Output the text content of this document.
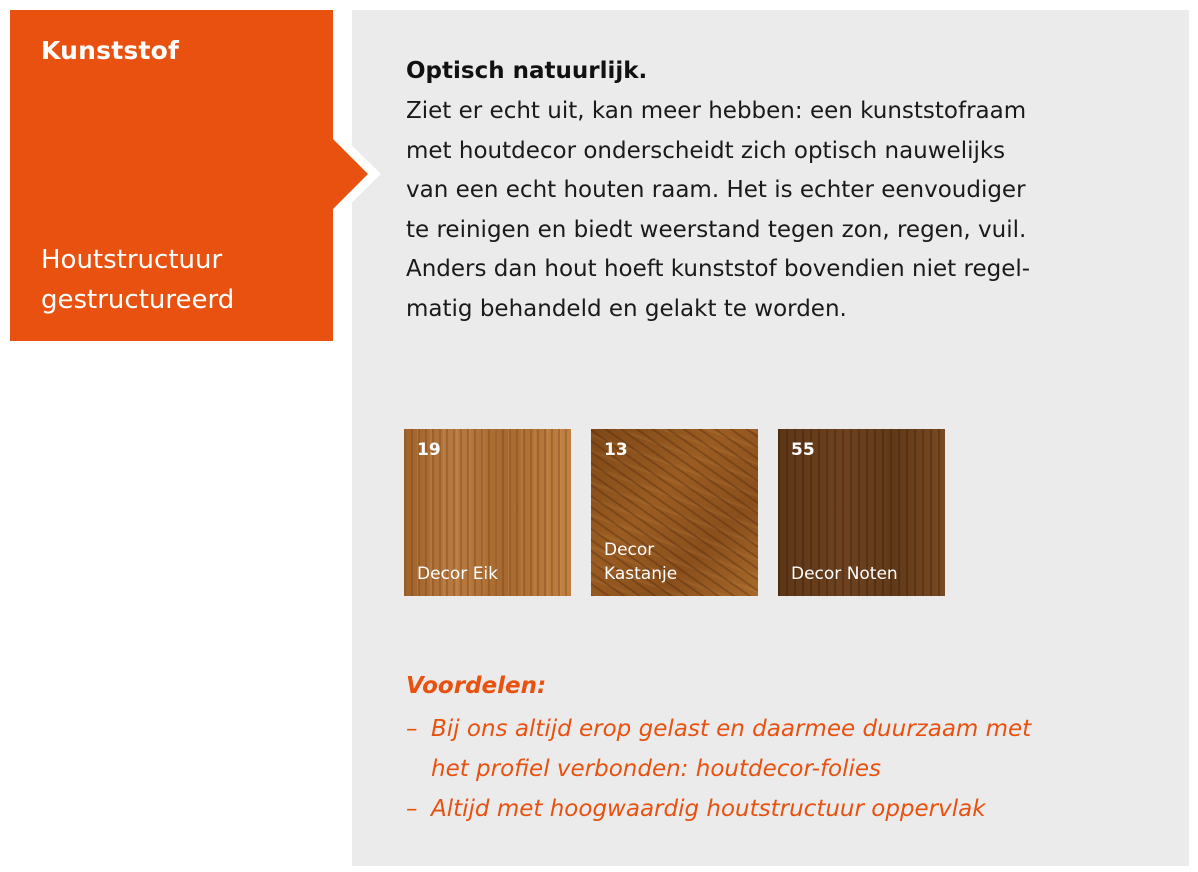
Kunststof
Houtstructuur
gestructureerd
Optisch natuurlijk.

Ziet er echt uit, kan meer hebben: een kunststofraam
met houtdecor onderscheidt zich optisch nauwelijks
van een echt houten raam. Het is echter eenvoudiger
te reinigen en biedt weerstand tegen zon, regen, vuil.
Anders dan hout hoeft kunststof bovendien niet regel-
matig behandeld en gelakt te worden.

19
Decor Eik
13
Decor
Kastanje
55
Decor Noten
Voordelen:
– Bij ons altijd erop gelast en daarmee duurzaam met
het profiel verbonden: houtdecor-folies
– Altijd met hoogwaardig houtstructuur oppervlak
